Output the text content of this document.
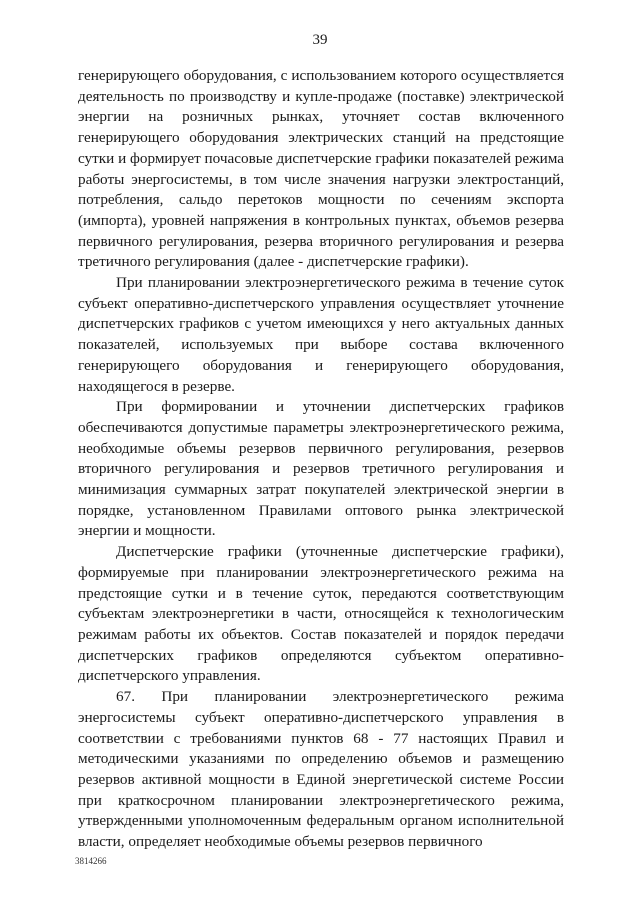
39

генерирующего оборудования, с использованием которого осуществляется деятельность по производству и купле-продаже (поставке) электрической энергии на розничных рынках, уточняет состав включенного генерирующего оборудования электрических станций на предстоящие сутки и формирует почасовые диспетчерские графики показателей режима работы энергосистемы, в том числе значения нагрузки электростанций, потребления, сальдо перетоков мощности по сечениям экспорта (импорта), уровней напряжения в контрольных пунктах, объемов резерва первичного регулирования, резерва вторичного регулирования и резерва третичного регулирования (далее - диспетчерские графики).

При планировании электроэнергетического режима в течение суток субъект оперативно-диспетчерского управления осуществляет уточнение диспетчерских графиков с учетом имеющихся у него актуальных данных показателей, используемых при выборе состава включенного генерирующего оборудования и генерирующего оборудования, находящегося в резерве.

При формировании и уточнении диспетчерских графиков обеспечиваются допустимые параметры электроэнергетического режима, необходимые объемы резервов первичного регулирования, резервов вторичного регулирования и резервов третичного регулирования и минимизация суммарных затрат покупателей электрической энергии в порядке, установленном Правилами оптового рынка электрической энергии и мощности.

Диспетчерские графики (уточненные диспетчерские графики), формируемые при планировании электроэнергетического режима на предстоящие сутки и в течение суток, передаются соответствующим субъектам электроэнергетики в части, относящейся к технологическим режимам работы их объектов. Состав показателей и порядок передачи диспетчерских графиков определяются субъектом оперативно-диспетчерского управления.

67. При планировании электроэнергетического режима энергосистемы субъект оперативно-диспетчерского управления в соответствии с требованиями пунктов 68 - 77 настоящих Правил и методическими указаниями по определению объемов и размещению резервов активной мощности в Единой энергетической системе России при краткосрочном планировании электроэнергетического режима, утвержденными уполномоченным федеральным органом исполнительной власти, определяет необходимые объемы резервов первичного

3814266
